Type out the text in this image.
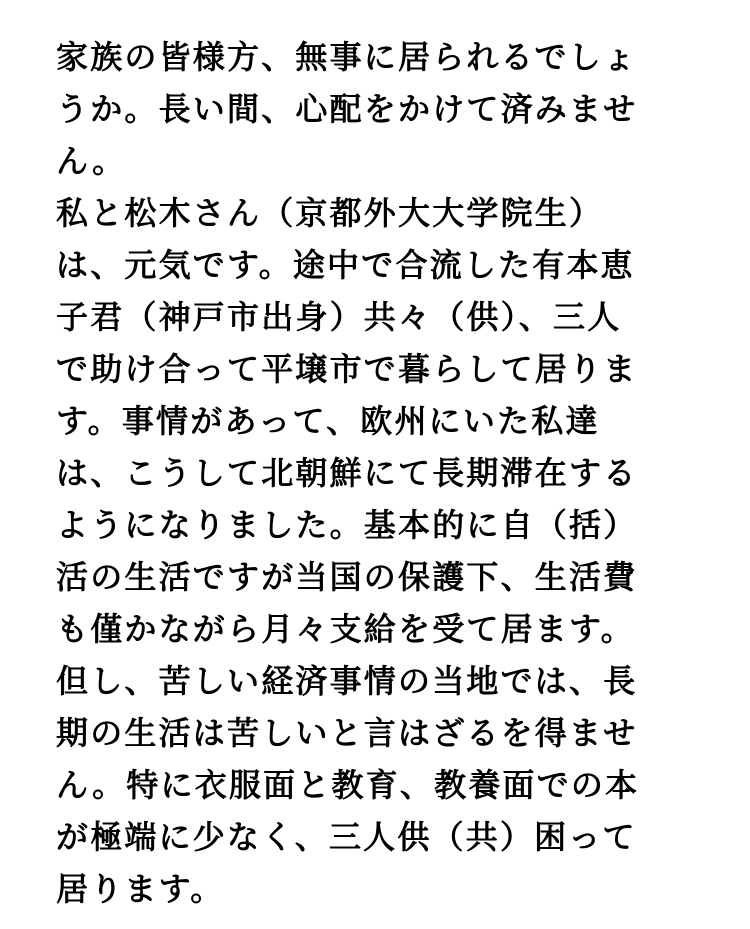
家族の皆様方、無事に居られるでしょ
うか。長い間、心配をかけて済みませ
ん。
私と松木さん（京都外大大学院生）
は、元気です。途中で合流した有本恵
子君（神戸市出身）共々（供）、三人
で助け合って平壌市で暮らして居りま
す。事情があって、欧州にいた私達
は、こうして北朝鮮にて長期滞在する
ようになりました。基本的に自（括）
活の生活ですが当国の保護下、生活費
も僅かながら月々支給を受て居ます。
但し、苦しい経済事情の当地では、長
期の生活は苦しいと言はざるを得ませ
ん。特に衣服面と教育、教養面での本
が極端に少なく、三人供（共）困って
居ります。
